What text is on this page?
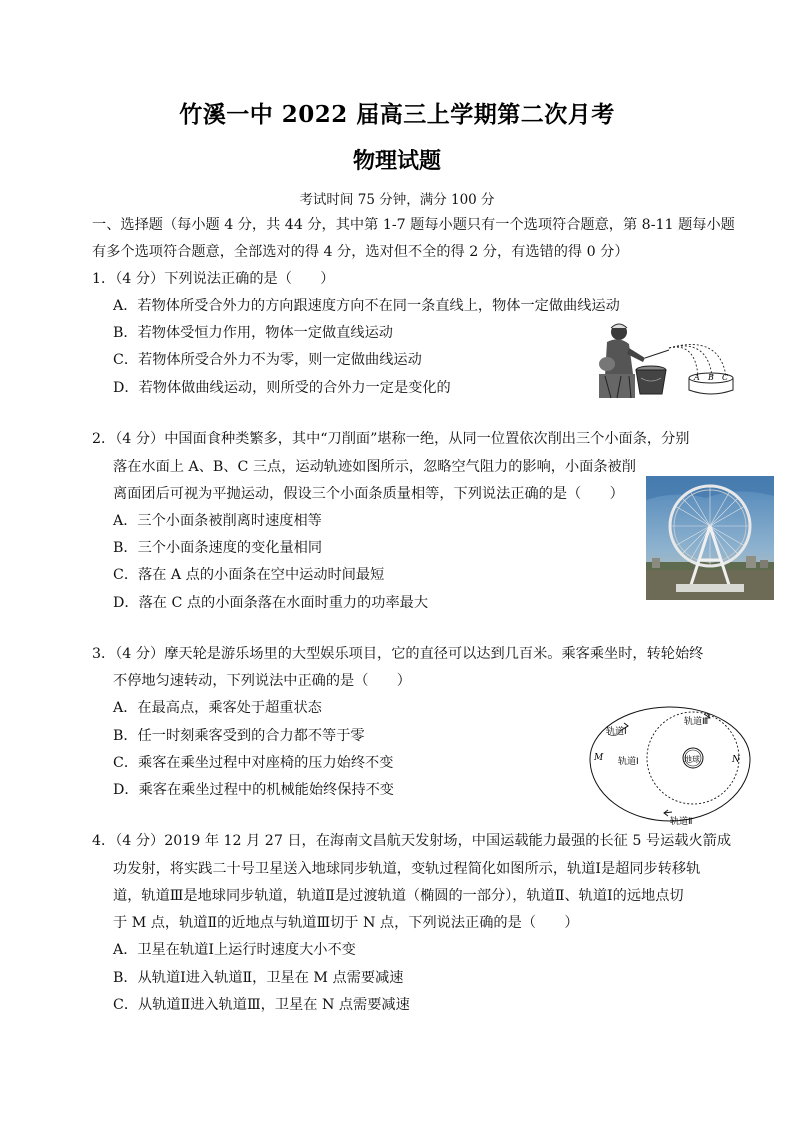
竹溪一中 2022 届高三上学期第二次月考
物理试题
考试时间 75 分钟，满分 100 分
一、选择题（每小题 4 分，共 44 分，其中第 1-7 题每小题只有一个选项符合题意，第 8-11 题每小题
有多个选项符合题意，全部选对的得 4 分，选对但不全的得 2 分，有选错的得 0 分）
1．（4 分）下列说法正确的是（　　）
A．若物体所受合外力的方向跟速度方向不在同一条直线上，物体一定做曲线运动
B．若物体受恒力作用，物体一定做直线运动
C．若物体所受合外力不为零，则一定做曲线运动
D．若物体做曲线运动，则所受的合外力一定是变化的
A B C
2．（4 分）中国面食种类繁多，其中“刀削面”堪称一绝，从同一位置依次削出三个小面条，分别
落在水面上 A、B、C 三点，运动轨迹如图所示，忽略空气阻力的影响，小面条被削
离面团后可视为平抛运动，假设三个小面条质量相等，下列说法正确的是（　　）
A．三个小面条被削离时速度相等
B．三个小面条速度的变化量相同
C．落在 A 点的小面条在空中运动时间最短
D．落在 C 点的小面条落在水面时重力的功率最大
3．（4 分）摩天轮是游乐场里的大型娱乐项目，它的直径可以达到几百米。乘客乘坐时，转轮始终
不停地匀速转动，下列说法中正确的是（　　）
A．在最高点，乘客处于超重状态
B．任一时刻乘客受到的合力都不等于零
C．乘客在乘坐过程中对座椅的压力始终不变
D．乘客在乘坐过程中的机械能始终保持不变
轨道Ⅰ
轨道Ⅲ
轨道Ⅰ	地球
M	N
轨道Ⅱ
4．（4 分）2019 年 12 月 27 日，在海南文昌航天发射场，中国运载能力最强的长征 5 号运载火箭成
功发射，将实践二十号卫星送入地球同步轨道，变轨过程简化如图所示，轨道Ⅰ是超同步转移轨
道，轨道Ⅲ是地球同步轨道，轨道Ⅱ是过渡轨道（椭圆的一部分），轨道Ⅱ、轨道Ⅰ的远地点切
于 M 点，轨道Ⅱ的近地点与轨道Ⅲ切于 N 点，下列说法正确的是（　　）
A．卫星在轨道Ⅰ上运行时速度大小不变
B．从轨道Ⅰ进入轨道Ⅱ，卫星在 M 点需要减速
C．从轨道Ⅱ进入轨道Ⅲ，卫星在 N 点需要减速
